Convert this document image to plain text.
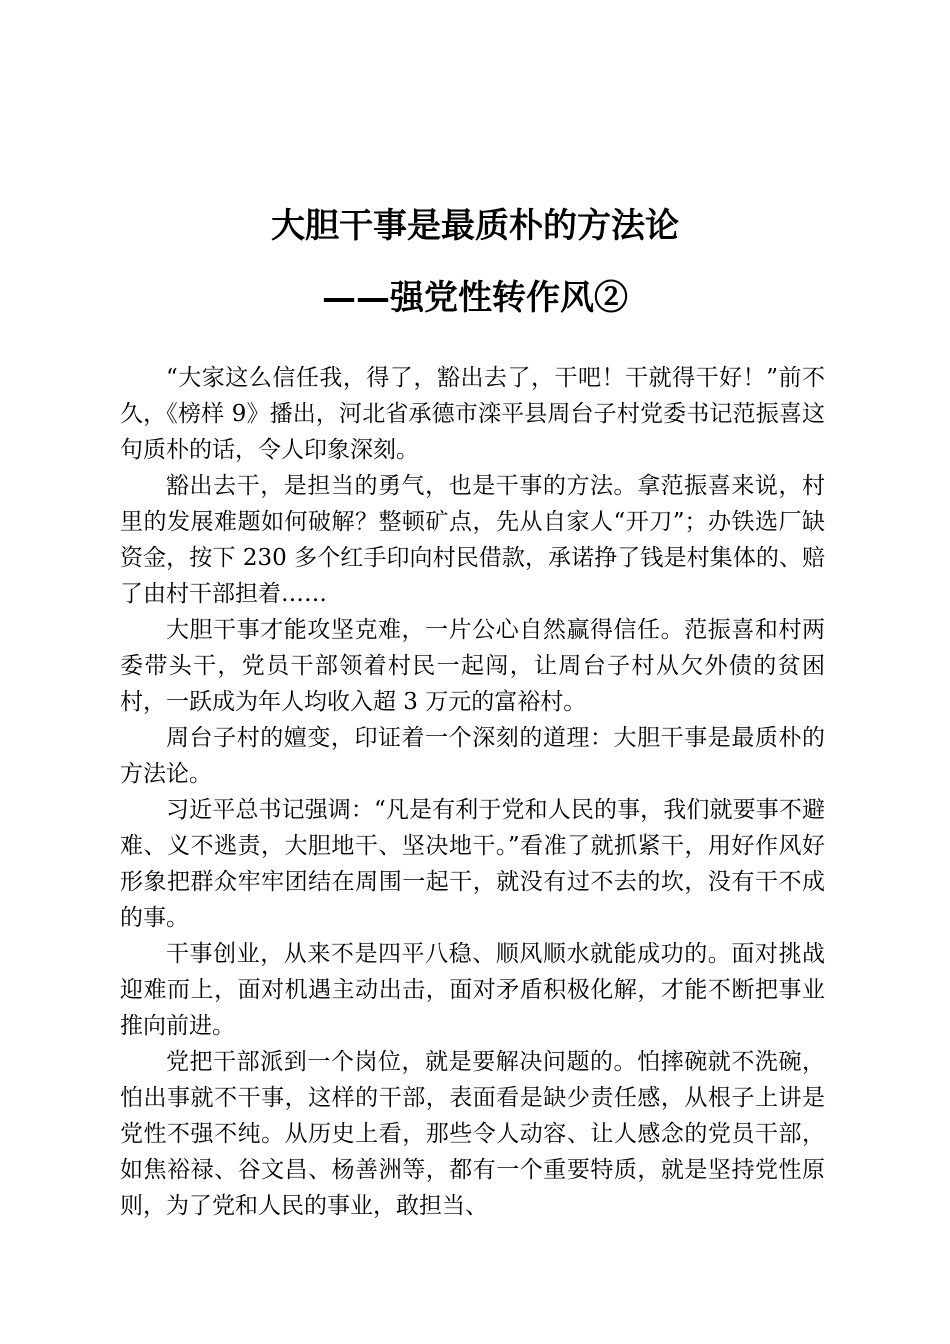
大胆干事是最质朴的方法论
——强党性转作风②

“大家这么信任我，得了，豁出去了，干吧！干就得干好！”前不久，《榜样 9》播出，河北省承德市滦平县周台子村党委书记范振喜这句质朴的话，令人印象深刻。

豁出去干，是担当的勇气，也是干事的方法。拿范振喜来说，村里的发展难题如何破解？整顿矿点，先从自家人“开刀”；办铁选厂缺资金，按下 230 多个红手印向村民借款，承诺挣了钱是村集体的、赔了由村干部担着……

大胆干事才能攻坚克难，一片公心自然赢得信任。范振喜和村两委带头干，党员干部领着村民一起闯，让周台子村从欠外债的贫困村，一跃成为年人均收入超 3 万元的富裕村。

周台子村的嬗变，印证着一个深刻的道理：大胆干事是最质朴的方法论。

习近平总书记强调：“凡是有利于党和人民的事，我们就要事不避难、义不逃责，大胆地干、坚决地干。”看准了就抓紧干，用好作风好形象把群众牢牢团结在周围一起干，就没有过不去的坎，没有干不成的事。

干事创业，从来不是四平八稳、顺风顺水就能成功的。面对挑战迎难而上，面对机遇主动出击，面对矛盾积极化解，才能不断把事业推向前进。

党把干部派到一个岗位，就是要解决问题的。怕摔碗就不洗碗，怕出事就不干事，这样的干部，表面看是缺少责任感，从根子上讲是党性不强不纯。从历史上看，那些令人动容、让人感念的党员干部，如焦裕禄、谷文昌、杨善洲等，都有一个重要特质，就是坚持党性原则，为了党和人民的事业，敢担当、
